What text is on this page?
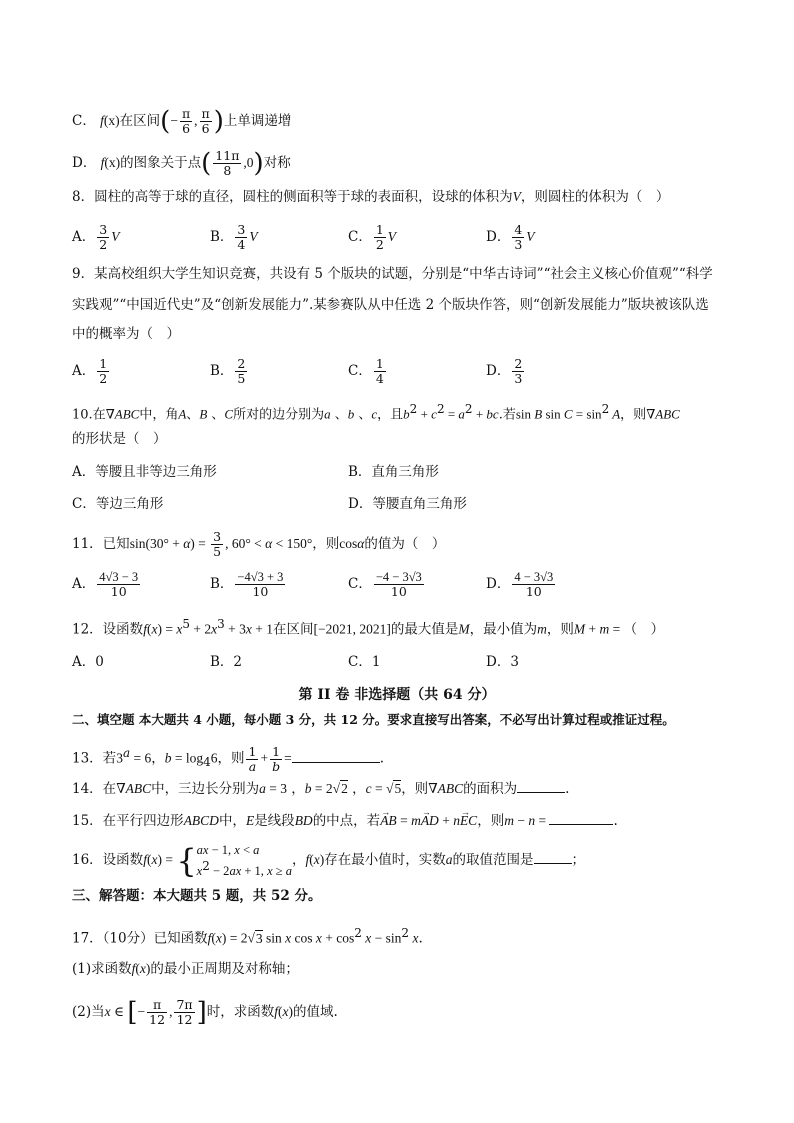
C． f(x)在区间(− $\frac{\pi}{6}$ , $\frac{\pi}{6}$ )上单调递增
D． f(x)的图象关于点( $\frac{11\pi}{8} ,0$)对称
8．圆柱的高等于球的直径，圆柱的侧面积等于球的表面积，设球的体积为V，则圆柱的体积为（　）
A． $\frac{3}{2}$ V	B． $\frac{3}{4}$ V	C． $\frac{1}{2}$ V	D． $\frac{4}{3}$ V
9．某高校组织大学生知识竞赛，共设有 5 个版块的试题，分别是“中华古诗词”“社会主义核心价值观”“科学
实践观”“中国近代史”及“创新发展能力”.某参赛队从中任选 2 个版块作答，则“创新发展能力”版块被该队选
中的概率为（　）
A． $\frac{1}{2}$	B． $\frac{2}{5}$	C． $\frac{1}{4}$	D． $\frac{2}{3}$
10.在∇ABC中，角A、B 、C所对的边分别为a 、b 、c，且$b^2 + c^2 = a^2$ + bc.若sin B $\sin C = \sin^2 A$，则∇ABC
的形状是（　）
A．等腰且非等边三角形	B．直角三角形
C．等边三角形	D．等腰直角三角形
11．已知$\sin(30^\circ + \alpha) = \frac{3}{5}$ , 60° < α < 150°，则cosα的值为（　）
A． $\frac{4√3 - 3}{10}$	B． $\frac{-4√3 + 3}{10}$	C． $\frac{-4 - 3√3}{10}$	D． $\frac{4 - 3√3}{10}$
12．设函数$f(x) = x^5 + 2x^3 + 3x + 1$在区间[−2021, 2021]的最大值是M，最小值为m，则M + m = （　）
A．0	B．2	C．1	D．3
第 II 卷 非选择题（共 64 分）
二、填空题 本大题共 4 小题，每小题 3 分，共 12 分。要求直接写出答案，不必写出计算过程或推证过程。
13．若$3^a = 6$，$b = \log_46$，则 $\frac{1}{a} + \frac{1}{b}$ =	.
14．在∇ABC中，三边长分别为a = 3 ，b = 2√2 ，c = √5，则∇ABC的面积为	.
15．在平行四边形ABCD中，E是线段BD的中点，若→ AB = m→ AD + n→ EC，则m − n =	.
16．设函数f(x) = { ax − 1, x < a
$x^2 - 2ax + 1$, x ≥ a
，f(x)存在最小值时，实数a的取值范围是	；
三、解答题：本大题共 5 题，共 52 分。
17．（10分）已知函数f(x) = 2√3 sin x $\cos x + \cos^2 x - \sin^2 x$.
(1)求函数f(x)的最小正周期及对称轴；
(2)当x ∈ [− $\frac{\pi}{12}$ , $\frac{7\pi}{12}$ ]时，求函数f(x)的值域.
